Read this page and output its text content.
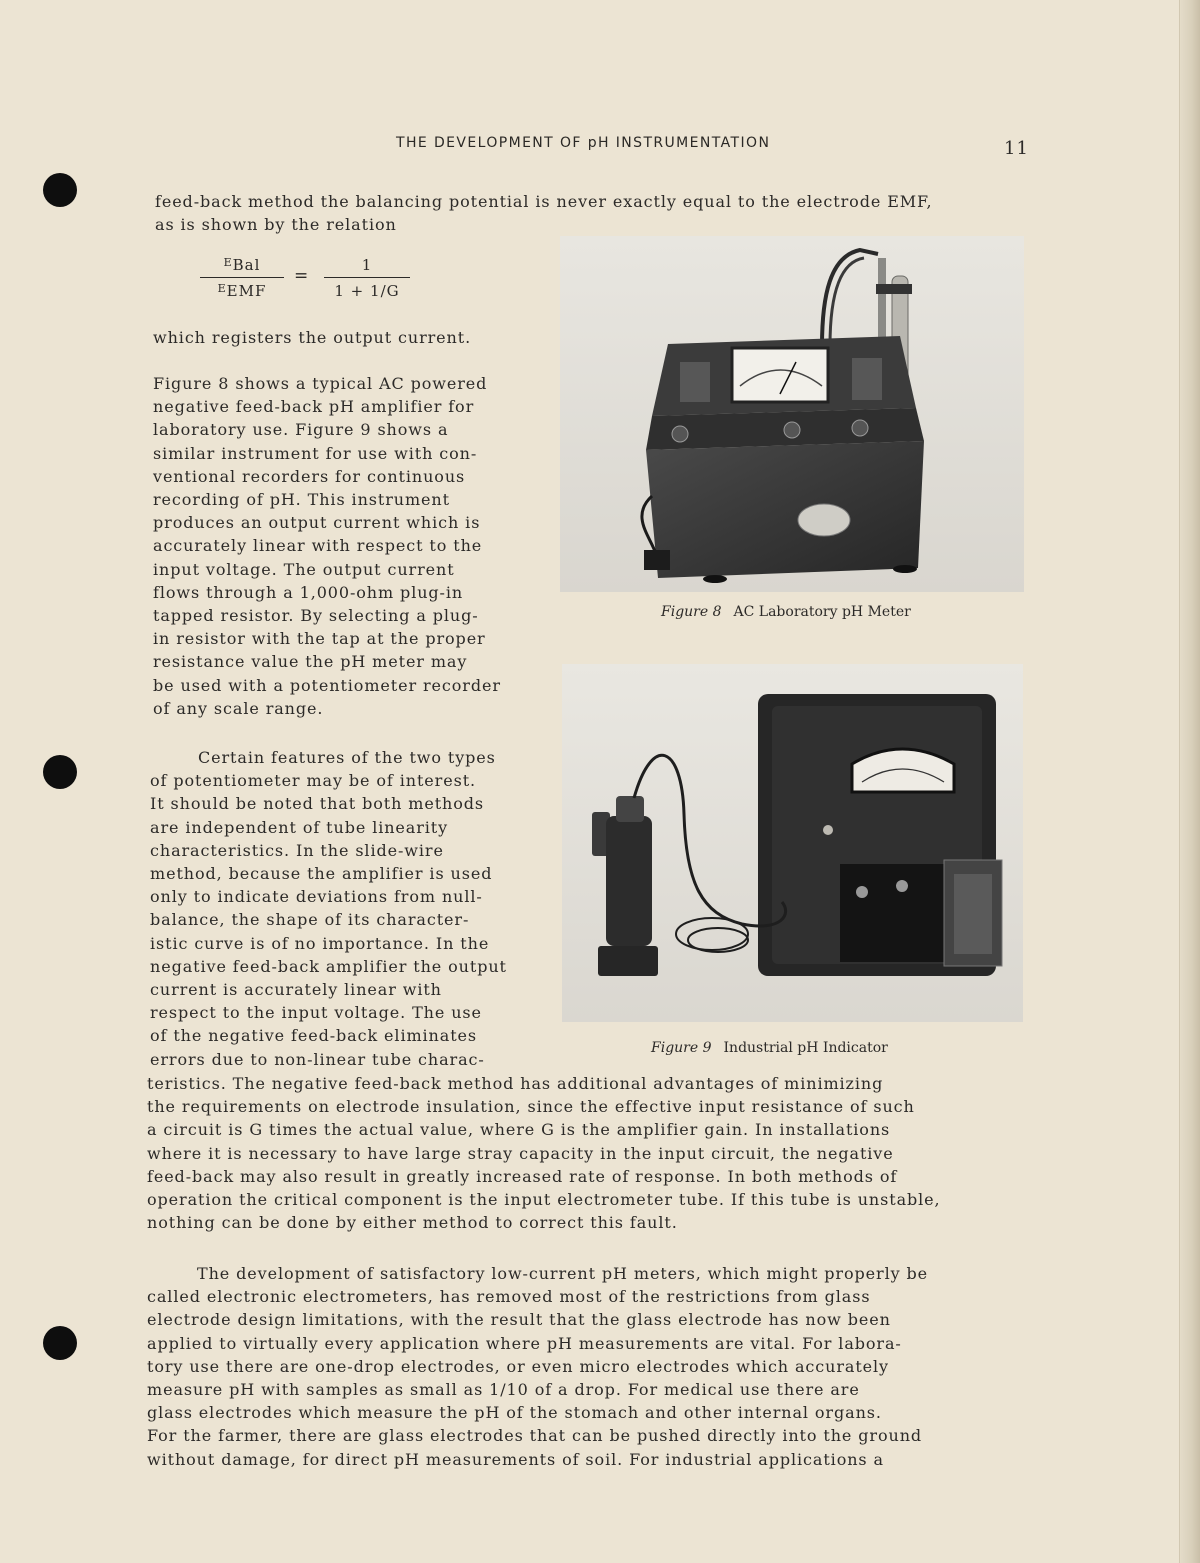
THE DEVELOPMENT OF pH INSTRUMENTATION	11

feed-back method the balancing potential is never exactly equal to the electrode EMF,

as is shown by the relation

$^E$Bal
$^E$EMF
=
1
1 + 1/G

which registers the output current.

Figure 8 shows a typical AC powered

negative feed-back pH amplifier for

laboratory use. Figure 9 shows a

similar instrument for use with con-

ventional recorders for continuous

recording of pH. This instrument

produces an output current which is

accurately linear with respect to the

input voltage. The output current

flows through a 1,000-ohm plug-in

tapped resistor. By selecting a plug-

in resistor with the tap at the proper

resistance value the pH meter may

be used with a potentiometer recorder

of any scale range.

Certain features of the two types

of potentiometer may be of interest.

It should be noted that both methods

are independent of tube linearity

characteristics. In the slide-wire

method, because the amplifier is used

only to indicate deviations from null-

balance, the shape of its character-

istic curve is of no importance. In the

negative feed-back amplifier the output

current is accurately linear with

respect to the input voltage. The use

of the negative feed-back eliminates

errors due to non-linear tube charac-

teristics. The negative feed-back method has additional advantages of minimizing

the requirements on electrode insulation, since the effective input resistance of such

a circuit is G times the actual value, where G is the amplifier gain. In installations

where it is necessary to have large stray capacity in the input circuit, the negative

feed-back may also result in greatly increased rate of response. In both methods of

operation the critical component is the input electrometer tube. If this tube is unstable,

nothing can be done by either method to correct this fault.

The development of satisfactory low-current pH meters, which might properly be

called electronic electrometers, has removed most of the restrictions from glass

electrode design limitations, with the result that the glass electrode has now been

applied to virtually every application where pH measurements are vital. For labora-

tory use there are one-drop electrodes, or even micro electrodes which accurately

measure pH with samples as small as 1/10 of a drop. For medical use there are

glass electrodes which measure the pH of the stomach and other internal organs.

For the farmer, there are glass electrodes that can be pushed directly into the ground

without damage, for direct pH measurements of soil. For industrial applications a

Figure 8 AC Laboratory pH Meter
Figure 9 Industrial pH Indicator
